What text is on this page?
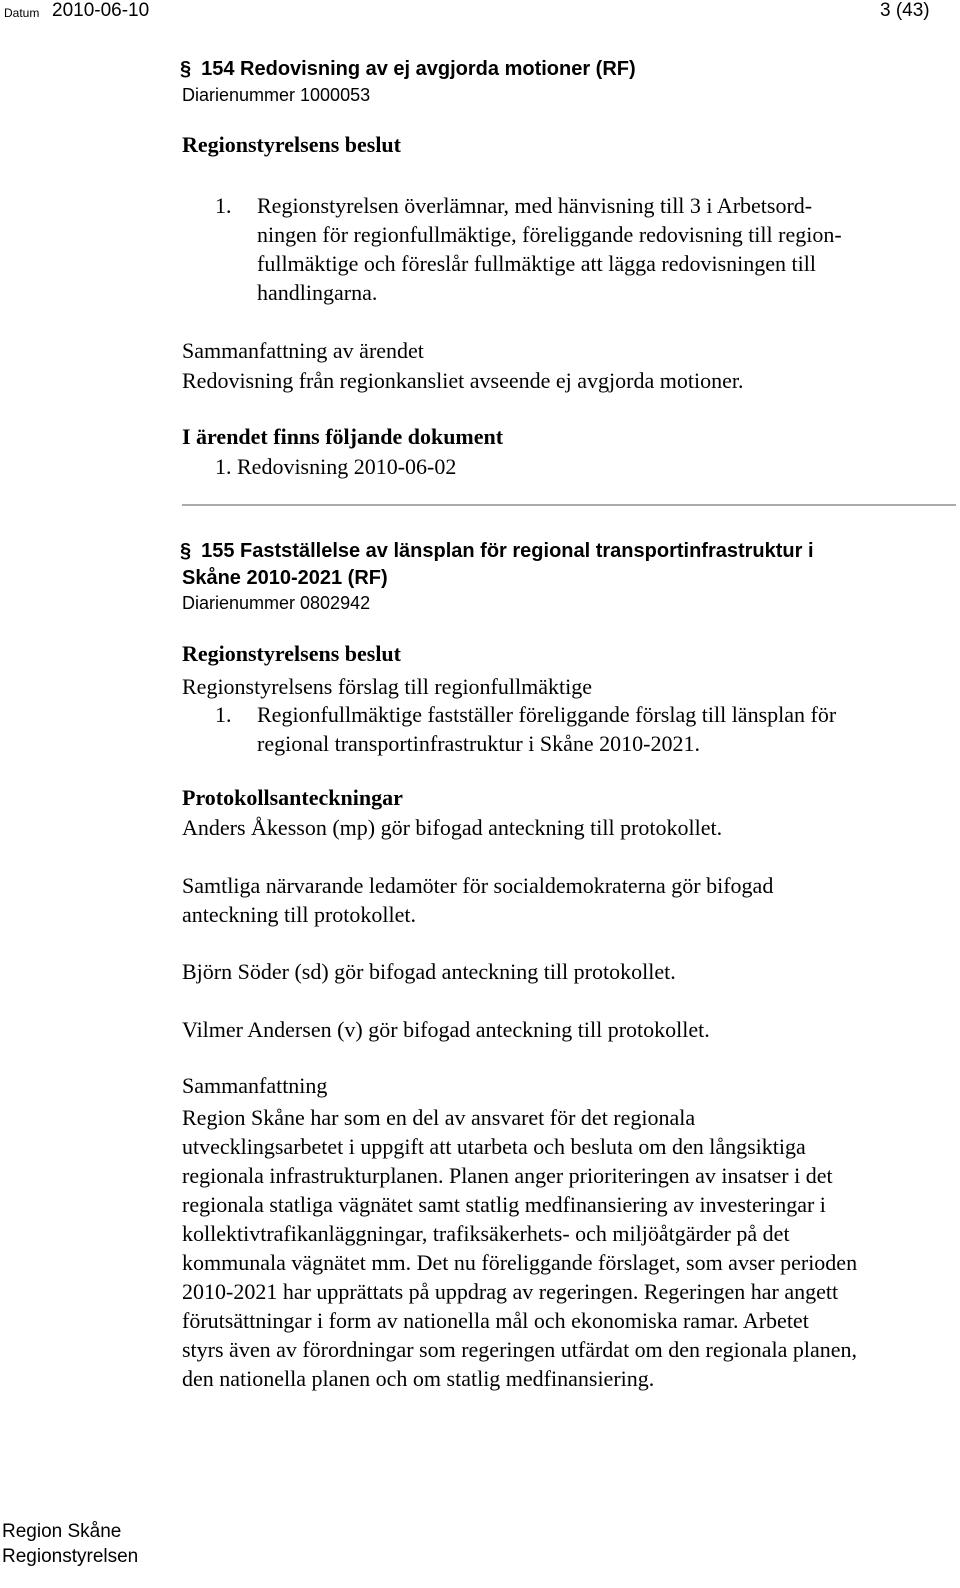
Datum 2010-06-10	3 (43)
§ 154 Redovisning av ej avgjorda motioner (RF)
Diarienummer 1000053
Regionstyrelsens beslut
1. Regionstyrelsen överlämnar, med hänvisning till 3 i Arbetsord-
ningen för regionfullmäktige, föreliggande redovisning till region-
fullmäktige och föreslår fullmäktige att lägga redovisningen till
handlingarna.
Sammanfattning av ärendet
Redovisning från regionkansliet avseende ej avgjorda motioner.
I ärendet finns följande dokument
1. Redovisning 2010-06-02
§ 155 Fastställelse av länsplan för regional transportinfrastruktur i
Skåne 2010-2021 (RF)
Diarienummer 0802942
Regionstyrelsens beslut
Regionstyrelsens förslag till regionfullmäktige
1. Regionfullmäktige fastställer föreliggande förslag till länsplan för
regional transportinfrastruktur i Skåne 2010-2021.
Protokollsanteckningar
Anders Åkesson (mp) gör bifogad anteckning till protokollet.
Samtliga närvarande ledamöter för socialdemokraterna gör bifogad
anteckning till protokollet.
Björn Söder (sd) gör bifogad anteckning till protokollet.
Vilmer Andersen (v) gör bifogad anteckning till protokollet.
Sammanfattning
Region Skåne har som en del av ansvaret för det regionala
utvecklingsarbetet i uppgift att utarbeta och besluta om den långsiktiga
regionala infrastrukturplanen. Planen anger prioriteringen av insatser i det
regionala statliga vägnätet samt statlig medfinansiering av investeringar i
kollektivtrafikanläggningar, trafiksäkerhets- och miljöåtgärder på det
kommunala vägnätet mm. Det nu föreliggande förslaget, som avser perioden
2010-2021 har upprättats på uppdrag av regeringen. Regeringen har angett
förutsättningar i form av nationella mål och ekonomiska ramar. Arbetet
styrs även av förordningar som regeringen utfärdat om den regionala planen,
den nationella planen och om statlig medfinansiering.
Region Skåne
Regionstyrelsen
